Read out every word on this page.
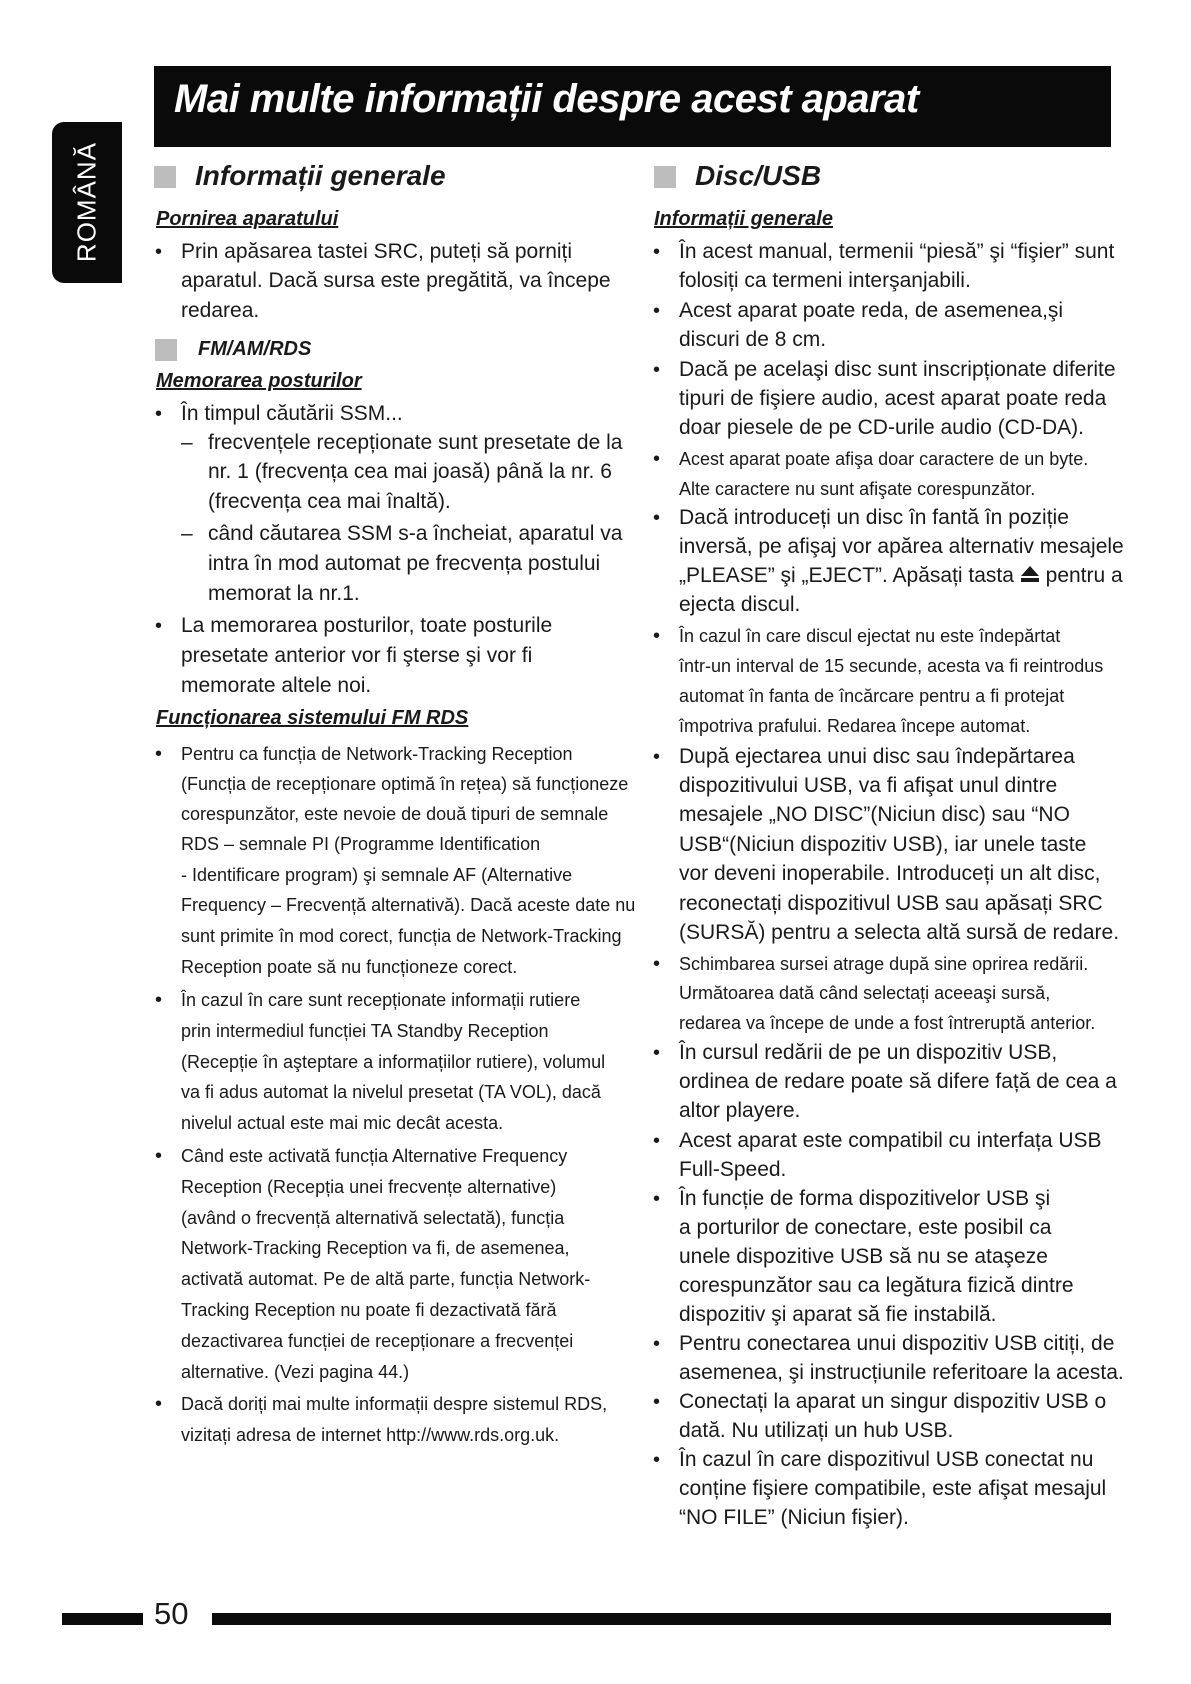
Mai multe informații despre acest aparat

ROMÂNĂ	Informații generale

Pornirea aparatului

• Prin apăsarea tastei SRC, puteți să porniți

aparatul. Dacă sursa este pregătită, va începe

redarea.

FM/AM/RDS

Memorarea posturilor

• În timpul căutării SSM...

– frecvențele recepționate sunt presetate de la

nr. 1 (frecvența cea mai joasă) până la nr. 6

(frecvența cea mai înaltă).

– când căutarea SSM s-a încheiat, aparatul va

intra în mod automat pe frecvența postului

memorat la nr.1.

• La memorarea posturilor, toate posturile

presetate anterior vor fi şterse şi vor fi

memorate altele noi.

Funcționarea sistemului FM RDS

• Pentru ca funcția de Network-Tracking Reception

(Funcția de recepționare optimă în rețea) să funcționeze

corespunzător, este nevoie de două tipuri de semnale

RDS – semnale PI (Programme Identification

- Identificare program) şi semnale AF (Alternative

Frequency – Frecvență alternativă). Dacă aceste date nu

sunt primite în mod corect, funcția de Network-Tracking

Reception poate să nu funcționeze corect.

• În cazul în care sunt recepționate informații rutiere

prin intermediul funcției TA Standby Reception

(Recepție în aşteptare a informațiilor rutiere), volumul

va fi adus automat la nivelul presetat (TA VOL), dacă

nivelul actual este mai mic decât acesta.

• Când este activată funcția Alternative Frequency

Reception (Recepția unei frecvențe alternative)

(având o frecvență alternativă selectată), funcția

Network-Tracking Reception va fi, de asemenea,

activată automat. Pe de altă parte, funcția Network-

Tracking Reception nu poate fi dezactivată fără

dezactivarea funcției de recepționare a frecvenței

alternative. (Vezi pagina 44.)

• Dacă doriți mai multe informații despre sistemul RDS,

vizitați adresa de internet http://www.rds.org.uk.

Disc/USB

Informații generale

• În acest manual, termenii “piesă” şi “fişier” sunt

folosiți ca termeni interşanjabili.

• Acest aparat poate reda, de asemenea,şi

discuri de 8 cm.

• Dacă pe acelaşi disc sunt inscripționate diferite

tipuri de fişiere audio, acest aparat poate reda

doar piesele de pe CD-urile audio (CD-DA).

• Acest aparat poate afişa doar caractere de un byte.

Alte caractere nu sunt afişate corespunzător.

• Dacă introduceți un disc în fantă în poziție

inversă, pe afişaj vor apărea alternativ mesajele

„PLEASE” şi „EJECT”. Apăsați tasta pentru a

ejecta discul.

• În cazul în care discul ejectat nu este îndepărtat

într-un interval de 15 secunde, acesta va fi reintrodus

automat în fanta de încărcare pentru a fi protejat

împotriva prafului. Redarea începe automat.

• După ejectarea unui disc sau îndepărtarea

dispozitivului USB, va fi afişat unul dintre

mesajele „NO DISC”(Niciun disc) sau “NO

USB“(Niciun dispozitiv USB), iar unele taste

vor deveni inoperabile. Introduceți un alt disc,

reconectați dispozitivul USB sau apăsați SRC

(SURSĂ) pentru a selecta altă sursă de redare.

• Schimbarea sursei atrage după sine oprirea redării.

Următoarea dată când selectați aceeaşi sursă,

redarea va începe de unde a fost întreruptă anterior.

• În cursul redării de pe un dispozitiv USB,

ordinea de redare poate să difere față de cea a

altor playere.

• Acest aparat este compatibil cu interfața USB

Full-Speed.

• În funcție de forma dispozitivelor USB şi

a porturilor de conectare, este posibil ca

unele dispozitive USB să nu se ataşeze

corespunzător sau ca legătura fizică dintre

dispozitiv şi aparat să fie instabilă.

• Pentru conectarea unui dispozitiv USB citiți, de

asemenea, şi instrucțiunile referitoare la acesta.

• Conectați la aparat un singur dispozitiv USB o

dată. Nu utilizați un hub USB.

• În cazul în care dispozitivul USB conectat nu

conține fişiere compatibile, este afişat mesajul

“NO FILE” (Niciun fişier).

50
